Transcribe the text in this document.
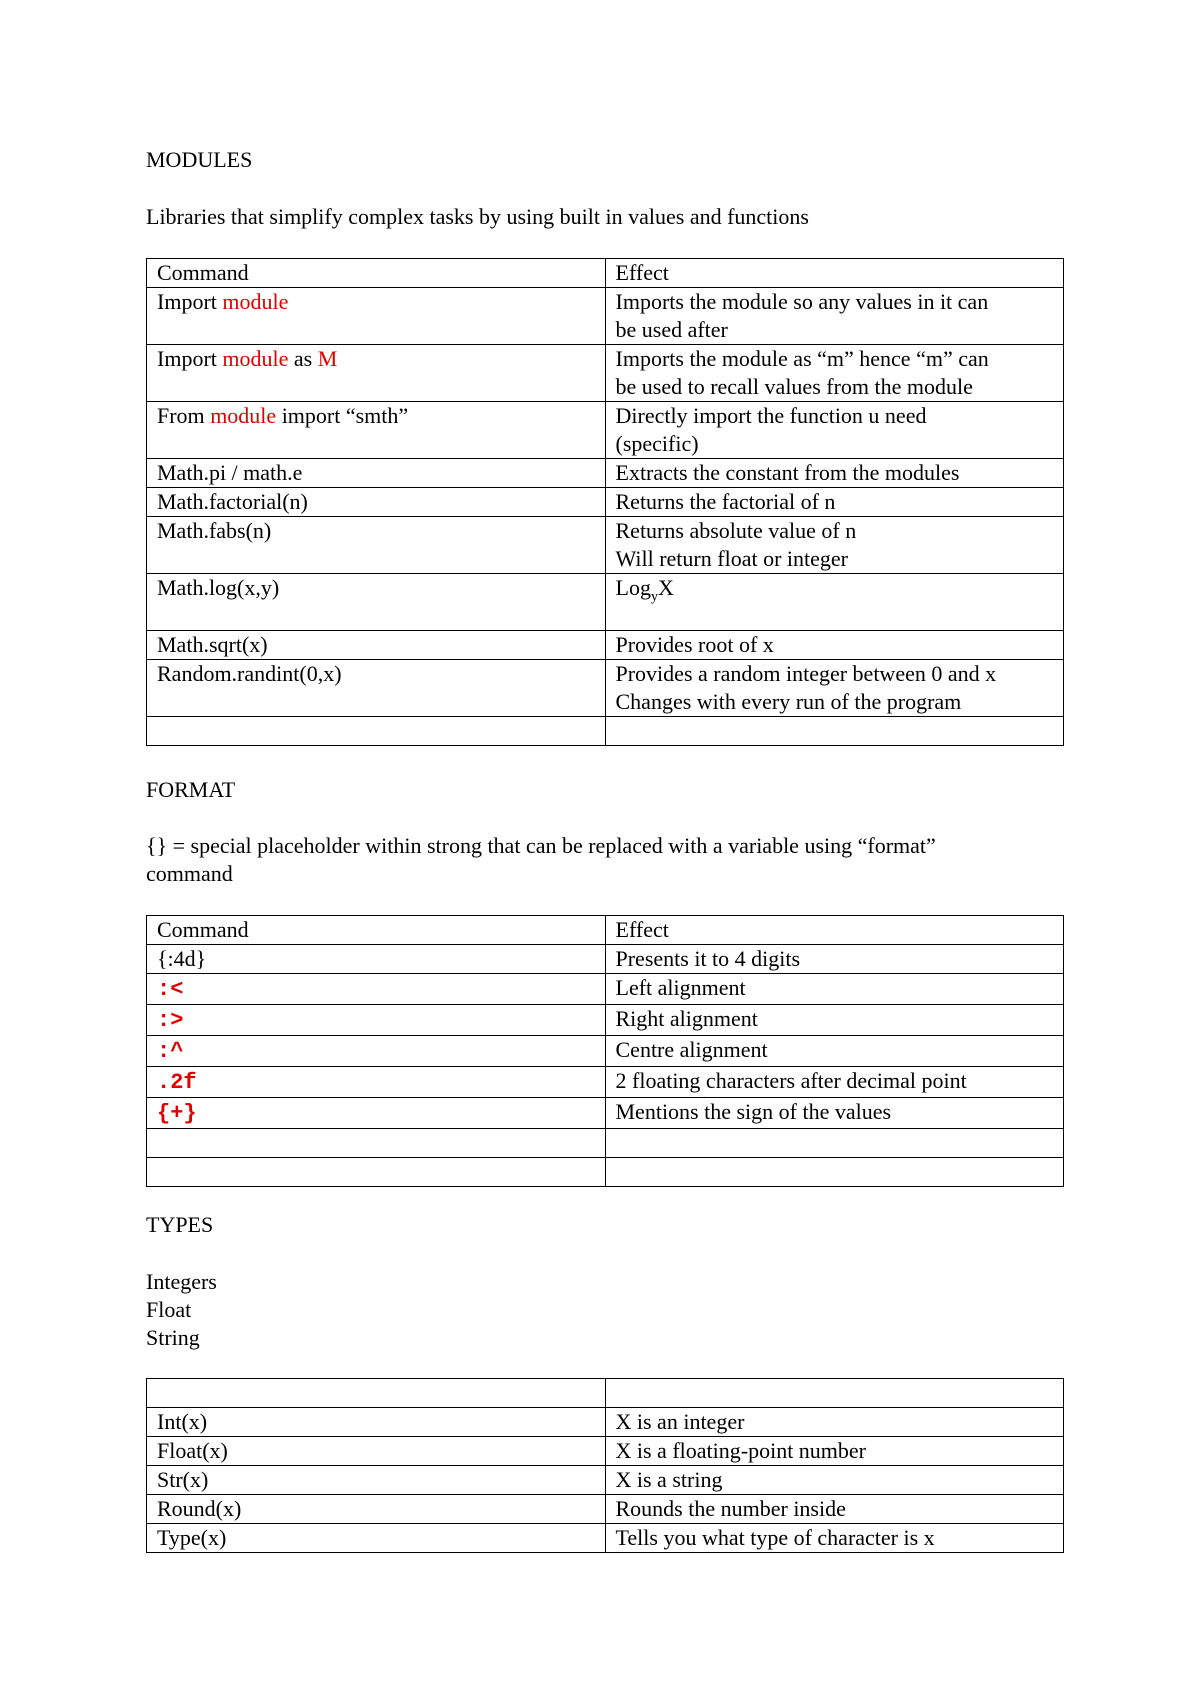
MODULES

Libraries that simplify complex tasks by using built in values and functions

Command	Effect
Import module	Imports the module so any values in it can
be used after

Import module as M	Imports the module as “m” hence “m” can
be used to recall values from the module

From module import “smth”	Directly import the function u need
(specific)

Math.pi / math.e	Extracts the constant from the modules
Math.factorial(n)	Returns the factorial of n
Math.fabs(n)	Returns absolute value of n
Will return float or integer

Math.log(x,y)	Log$_y$X
Math.sqrt(x)	Provides root of x
Random.randint(0,x)	Provides a random integer between 0 and x
Changes with every run of the program

FORMAT

{} = special placeholder within strong that can be replaced with a variable using “format”
command

Command	Effect
{:4d}	Presents it to 4 digits
:<	Left alignment
:>	Right alignment
:^	Centre alignment
.2f	2 floating characters after decimal point
{+}	Mentions the sign of the values

TYPES

Integers
Float
String

Int(x)	X is an integer
Float(x)	X is a floating-point number
Str(x)	X is a string
Round(x)	Rounds the number inside
Type(x)	Tells you what type of character is x
